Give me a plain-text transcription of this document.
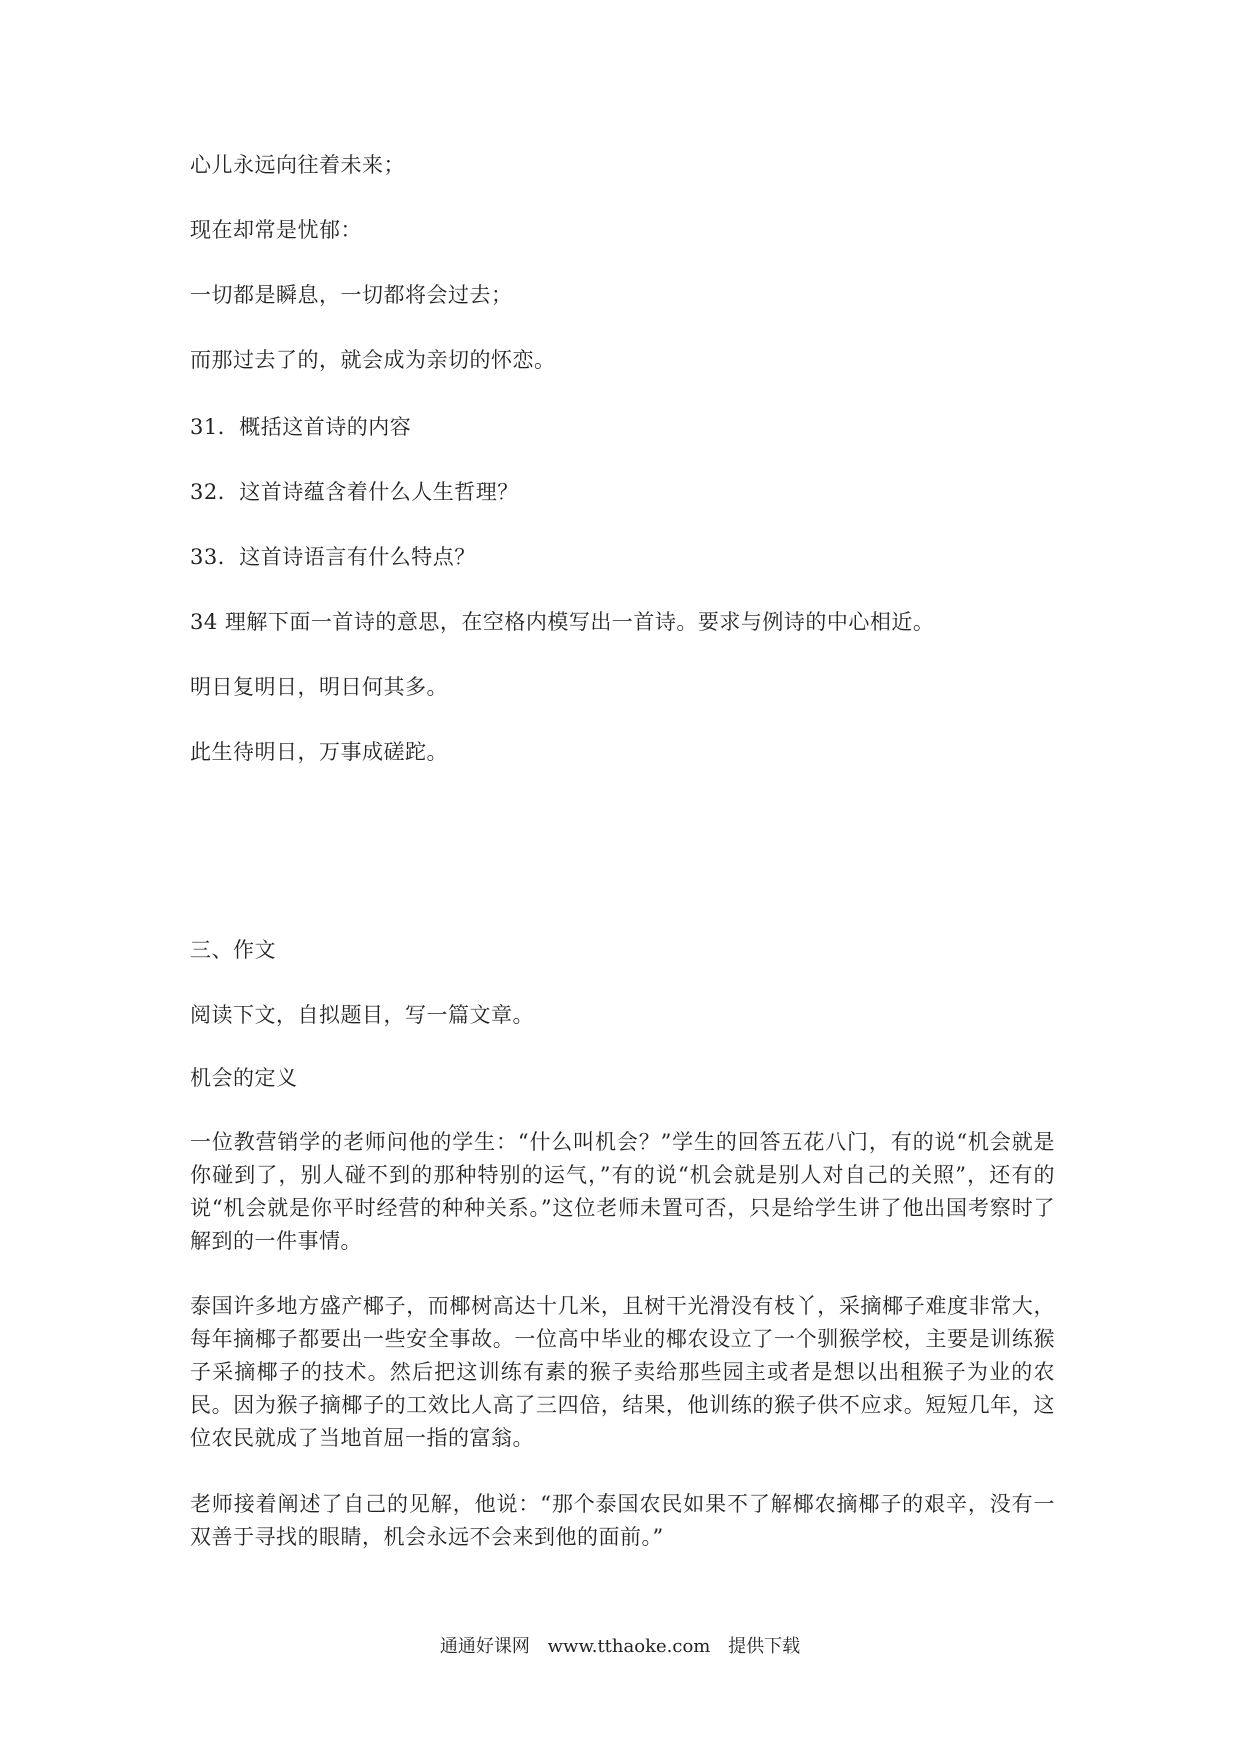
心儿永远向往着未来；
现在却常是忧郁：
一切都是瞬息，一切都将会过去；
而那过去了的，就会成为亲切的怀恋。
31．概括这首诗的内容
32．这首诗蕴含着什么人生哲理？
33．这首诗语言有什么特点？
34 理解下面一首诗的意思，在空格内模写出一首诗。要求与例诗的中心相近。
明日复明日，明日何其多。
此生待明日，万事成磋跎。
三、作文
阅读下文，自拟题目，写一篇文章。
机会的定义
一位教营销学的老师问他的学生：“什么叫机会？”学生的回答五花八门，有的说“机会就是你碰到了，别人碰不到的那种特别的运气，”有的说“机会就是别人对自己的关照”，还有的说“机会就是你平时经营的种种关系。”这位老师未置可否，只是给学生讲了他出国考察时了解到的一件事情。
泰国许多地方盛产椰子，而椰树高达十几米，且树干光滑没有枝丫，采摘椰子难度非常大，每年摘椰子都要出一些安全事故。一位高中毕业的椰农设立了一个驯猴学校，主要是训练猴子采摘椰子的技术。然后把这训练有素的猴子卖给那些园主或者是想以出租猴子为业的农民。因为猴子摘椰子的工效比人高了三四倍，结果，他训练的猴子供不应求。短短几年，这位农民就成了当地首屈一指的富翁。
老师接着阐述了自己的见解，他说：“那个泰国农民如果不了解椰农摘椰子的艰辛，没有一双善于寻找的眼睛，机会永远不会来到他的面前。”
通通好课网 www.tthaoke.com 提供下载
